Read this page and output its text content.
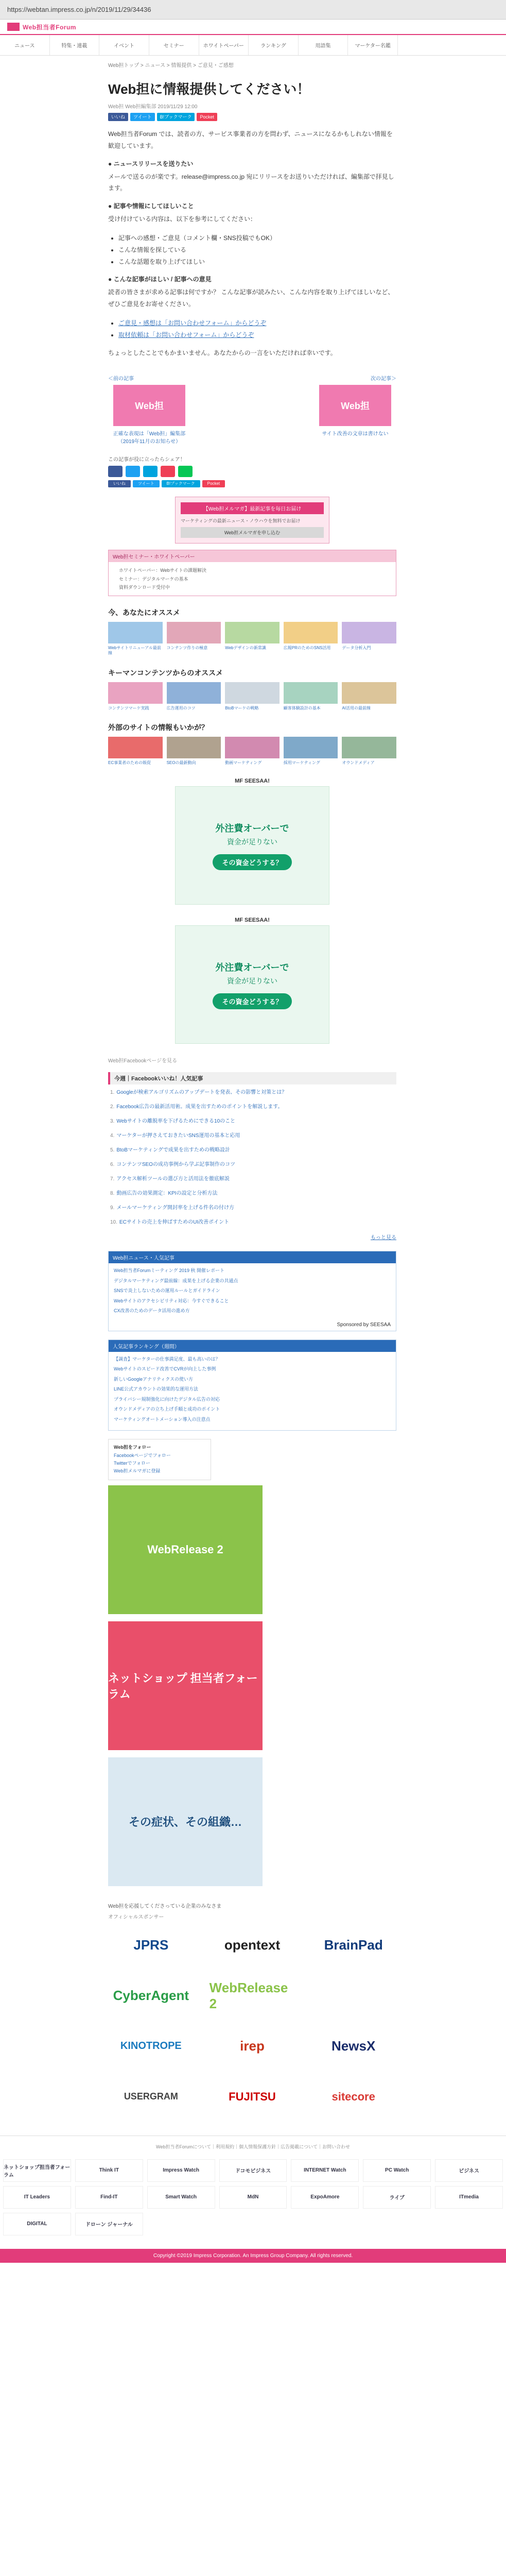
https://webtan.impress.co.jp/n/2019/11/29/34436
Web担当者Forum
ニュース	特集・連載	イベント	セミナー	ホワイトペーパー	ランキング	用語集	マーケター名鑑
Web担トップ > ニュース > 情報提供 > ご意見・ご感想
Web担に情報提供してください！
Web担 Web担編集部 2019/11/29 12:00
いいね	ツイート	B!ブックマーク	Pocket

Web担当者Forum では、読者の方、サービス事業者の方を問わず、ニュースになるかもしれない情報を歓迎しています。

● ニュースリリースを送りたい

メールで送るのが楽です。release@impress.co.jp 宛にリリースをお送りいただければ、編集部で拝見します。

● 記事や情報にしてほしいこと

受け付けている内容は、以下を参考にしてください：

• 記事への感想・ご意見（コメント欄・SNS投稿でもOK）
• こんな情報を探している
• こんな話題を取り上げてほしい
● こんな記事がほしい / 記事への意見

読者の皆さまが求める記事は何ですか？ こんな記事が読みたい、こんな内容を取り上げてほしいなど、ぜひご意見をお寄せください。

• ご意見・感想は「お問い合わせフォーム」からどうぞ
• 取材依頼は「お問い合わせフォーム」からどうぞ

ちょっとしたことでもかまいません。あなたからの一言をいただければ幸いです。

＜前の記事
Web担
正確な表現は「Web担」編集部（2019年11月のお知らせ）
次の記事＞
Web担
サイト改善の文章は書けない
この記事が役に立ったらシェア！
いいね	ツイート	B!ブックマーク	Pocket
【Web担メルマガ】最新記事を毎日お届け
マーケティングの最新ニュース・ノウハウを無料でお届け
Web担メルマガを申し込む
Web担セミナー・ホワイトペーパー
ホワイトペーパー：Webサイトの課題解決
セミナー：デジタルマーケの基本
資料ダウンロード受付中
今、あなたにオススメ
Webサイトリニューアル最前線
コンテンツ作りの極意	Webデザインの新常識	広報PRのためのSNS活用	データ分析入門
キーマンコンテンツからのオススメ
コンテンツマーケ実践	広告運用のコツ	BtoBマーケの戦略	顧客体験設計の基本	AI活用の最前線
外部のサイトの情報もいかが？
EC事業者のための販促	SEOの最新動向	動画マーケティング	採用マーケティング	オウンドメディア
MF SEESAA!
外注費オーバーで
資金が足りない
その資金どうする？
MF SEESAA!
外注費オーバーで
資金が足りない
その資金どうする？
Web担Facebookページを見る
今週｜Facebookいいね！人気記事
1. Googleが検索アルゴリズムのアップデートを発表、その影響と対策とは？
2. Facebook広告の最新活用術。成果を出すためのポイントを解説します。
3. Webサイトの離脱率を下げるためにできる10のこと
4. マーケターが押さえておきたいSNS運用の基本と応用
5. BtoBマーケティングで成果を出すための戦略設計
6. コンテンツSEOの成功事例から学ぶ記事制作のコツ
7. アクセス解析ツールの選び方と活用法を徹底解説
8. 動画広告の効果測定：KPIの設定と分析方法
9. メールマーケティング開封率を上げる件名の付け方
10. ECサイトの売上を伸ばすためのUI改善ポイント
もっと見る
Web担ニュース・人気記事
Web担当者Forumミーティング 2019 秋 開催レポート
デジタルマーケティング最前線：成果を上げる企業の共通点
SNSで炎上しないための運用ルールとガイドライン
Webサイトのアクセシビリティ対応：今すぐできること
CX改善のためのデータ活用の進め方
Sponsored by SEESAA
人気記事ランキング（週間）
【調査】マーケターの仕事満足度、最も高いのは？
Webサイトのスピード改善でCVRが向上した事例
新しいGoogleアナリティクスの使い方
LINE公式アカウントの効果的な運用方法
プライバシー規制強化に向けたデジタル広告の対応
オウンドメディアの立ち上げ手順と成功のポイント
マーケティングオートメーション導入の注意点
Web担をフォロー
Facebookページでフォロー
Twitterでフォロー
Web担メルマガに登録
WebRelease 2
ネットショップ 担当者フォーラム
その症状、その組織…
Web担を応援してくださっている企業のみなさま
オフィシャルスポンサー
JPRS	opentext	BrainPad
CyberAgent
WebRelease 2
KINOTROPE	irep	NewsX
USERGRAM	FUJITSU	sitecore
Web担当者Forumについて｜利用規約｜個人情報保護方針｜広告掲載について｜お問い合わせ
ネットショップ担当者フォーラム
Think IT	Impress Watch	ドコモビジネス	INTERNET Watch	PC Watch	ビジネス
IT Leaders	Find-IT	Smart Watch	MdN	ExpoAmore	ライブ	ITmedia
DIGITAL	ドローン ジャーナル
Copyright ©2019 Impress Corporation. An Impress Group Company. All rights reserved.
